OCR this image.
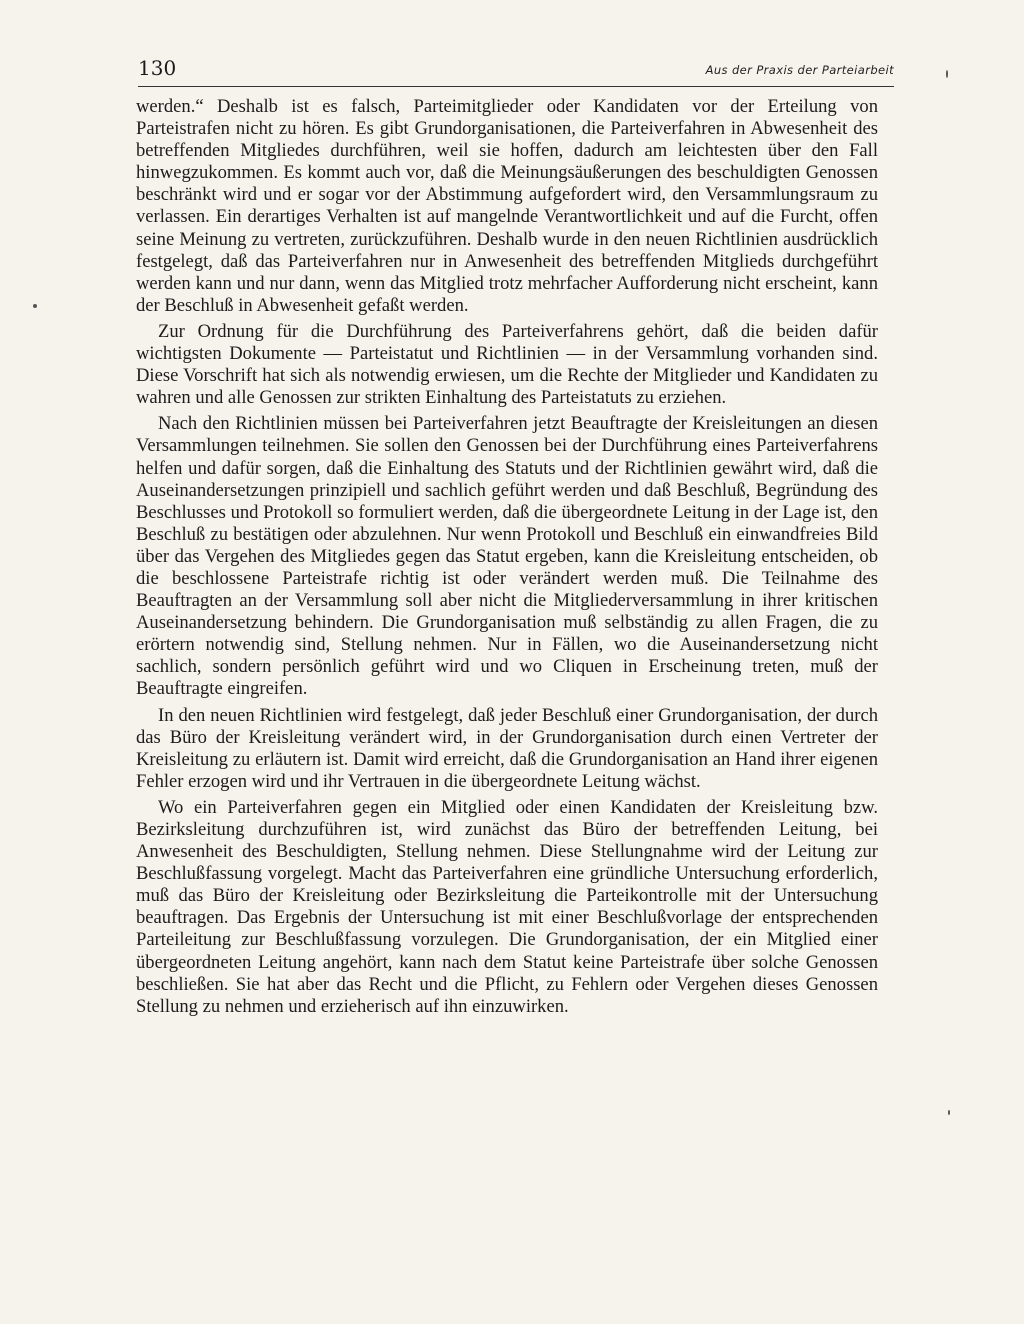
130	Aus der Praxis der Parteiarbeit

werden.“ Deshalb ist es falsch, Parteimitglieder oder Kandidaten vor der Erteilung von Parteistrafen nicht zu hören. Es gibt Grundorganisationen, die Parteiverfahren in Abwesenheit des betreffenden Mitgliedes durchführen, weil sie hoffen, dadurch am leichtesten über den Fall hinwegzukommen. Es kommt auch vor, daß die Meinungsäußerungen des beschuldigten Genossen beschränkt wird und er sogar vor der Abstimmung aufgefordert wird, den Versammlungsraum zu verlassen. Ein derartiges Verhalten ist auf mangelnde Verantwortlichkeit und auf die Furcht, offen seine Meinung zu vertreten, zurückzuführen. Deshalb wurde in den neuen Richtlinien ausdrücklich festgelegt, daß das Parteiverfahren nur in Anwesenheit des betreffenden Mitglieds durchgeführt werden kann und nur dann, wenn das Mitglied trotz mehrfacher Aufforderung nicht erscheint, kann der Beschluß in Abwesenheit gefaßt werden.

Zur Ordnung für die Durchführung des Parteiverfahrens gehört, daß die beiden dafür wichtigsten Dokumente — Parteistatut und Richtlinien — in der Versammlung vorhanden sind. Diese Vorschrift hat sich als notwendig erwiesen, um die Rechte der Mitglieder und Kandidaten zu wahren und alle Genossen zur strikten Einhaltung des Parteistatuts zu erziehen.

Nach den Richtlinien müssen bei Parteiverfahren jetzt Beauftragte der Kreisleitungen an diesen Versammlungen teilnehmen. Sie sollen den Genossen bei der Durchführung eines Parteiverfahrens helfen und dafür sorgen, daß die Einhaltung des Statuts und der Richtlinien gewährt wird, daß die Auseinandersetzungen prinzipiell und sachlich geführt werden und daß Beschluß, Begründung des Beschlusses und Protokoll so formuliert werden, daß die übergeordnete Leitung in der Lage ist, den Beschluß zu bestätigen oder abzulehnen. Nur wenn Protokoll und Beschluß ein einwandfreies Bild über das Vergehen des Mitgliedes gegen das Statut ergeben, kann die Kreisleitung entscheiden, ob die beschlossene Parteistrafe richtig ist oder verändert werden muß. Die Teilnahme des Beauftragten an der Versammlung soll aber nicht die Mitgliederversammlung in ihrer kritischen Auseinandersetzung behindern. Die Grundorganisation muß selbständig zu allen Fragen, die zu erörtern notwendig sind, Stellung nehmen. Nur in Fällen, wo die Auseinandersetzung nicht sachlich, sondern persönlich geführt wird und wo Cliquen in Erscheinung treten, muß der Beauftragte eingreifen.

In den neuen Richtlinien wird festgelegt, daß jeder Beschluß einer Grundorganisation, der durch das Büro der Kreisleitung verändert wird, in der Grundorganisation durch einen Vertreter der Kreisleitung zu erläutern ist. Damit wird erreicht, daß die Grundorganisation an Hand ihrer eigenen Fehler erzogen wird und ihr Vertrauen in die übergeordnete Leitung wächst.

Wo ein Parteiverfahren gegen ein Mitglied oder einen Kandidaten der Kreisleitung bzw. Bezirksleitung durchzuführen ist, wird zunächst das Büro der betreffenden Leitung, bei Anwesenheit des Beschuldigten, Stellung nehmen. Diese Stellungnahme wird der Leitung zur Beschlußfassung vorgelegt. Macht das Parteiverfahren eine gründliche Untersuchung erforderlich, muß das Büro der Kreisleitung oder Bezirksleitung die Parteikontrolle mit der Untersuchung beauftragen. Das Ergebnis der Untersuchung ist mit einer Beschlußvorlage der entsprechenden Parteileitung zur Beschlußfassung vorzulegen. Die Grundorganisation, der ein Mitglied einer übergeordneten Leitung angehört, kann nach dem Statut keine Parteistrafe über solche Genossen beschließen. Sie hat aber das Recht und die Pflicht, zu Fehlern oder Vergehen dieses Genossen Stellung zu nehmen und erzieherisch auf ihn einzuwirken.
